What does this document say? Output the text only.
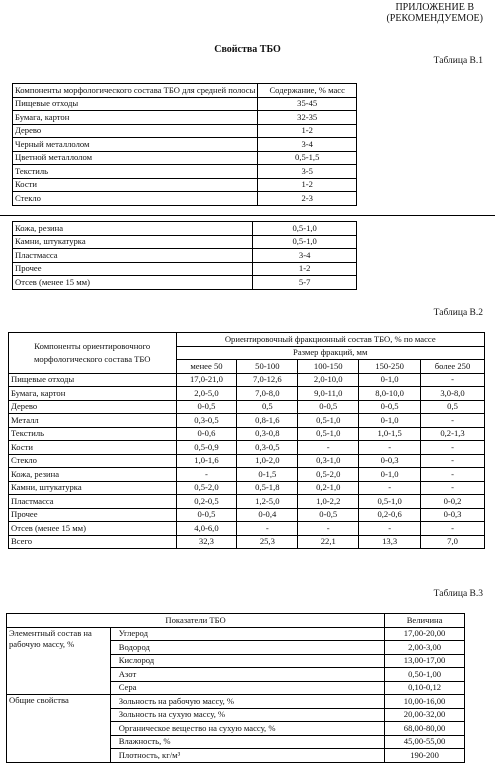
ПРИЛОЖЕНИЕ В
(РЕКОМЕНДУЕМОЕ)
Свойства ТБО
Таблица В.1
Компоненты морфологического состава ТБО для средней полосы	Содержание, % масс
Пищевые отходы	35-45
Бумага, картон	32-35
Дерево	1-2
Черный металлолом	3-4
Цветной металлолом	0,5-1,5
Текстиль	3-5
Кости	1-2
Стекло	2-3
Кожа, резина	0,5-1,0
Камни, штукатурка	0,5-1,0
Пластмасса	3-4
Прочее	1-2
Отсев (менее 15 мм)	5-7
Таблица В.2
Компоненты ориентировочного морфологического состава ТБО	Ориентировочный фракционный состав ТБО, % по массе				
	Размер фракций, мм				
	менее 50	50-100	100-150	150-250	более 250
Пищевые отходы	17,0-21,0	7,0-12,6	2,0-10,0	0-1,0	-
Бумага, картон	2,0-5,0	7,0-8,0	9,0-11,0	8,0-10,0	3,0-8,0
Дерево	0-0,5	0,5	0-0,5	0-0,5	0,5
Металл	0,3-0,5	0,8-1,6	0,5-1,0	0-1,0	-
Текстиль	0-0,6	0,3-0,8	0,5-1,0	1,0-1,5	0,2-1,3
Кости	0,5-0,9	0,3-0,5	-	-	-
Стекло	1,0-1,6	1,0-2,0	0,3-1,0	0-0,3	-
Кожа, резина	-	0-1,5	0,5-2,0	0-1,0	-
Камни, штукатурка	0,5-2,0	0,5-1,8	0,2-1,0	-	-
Пластмасса	0,2-0,5	1,2-5,0	1,0-2,2	0,5-1,0	0-0,2
Прочее	0-0,5	0-0,4	0-0,5	0,2-0,6	0-0,3
Отсев (менее 15 мм)	4,0-6,0	-	-	-	-
Всего	32,3	25,3	22,1	13,3	7,0
Таблица В.3
Показатели ТБО		Величина
Элементный состав на рабочую массу, %	Углерод	17,00-20,00
	Водород	2,00-3,00
	Кислород	13,00-17,00
	Азот	0,50-1,00
	Сера	0,10-0,12
Общие свойства	Зольность на рабочую массу, %	10,00-16,00
	Зольность на сухую массу, %	20,00-32,00
	Органическое вещество на сухую массу, %	68,00-80,00
	Влажность, %	45,00-55,00
	Плотность, кг/м³	190-200
